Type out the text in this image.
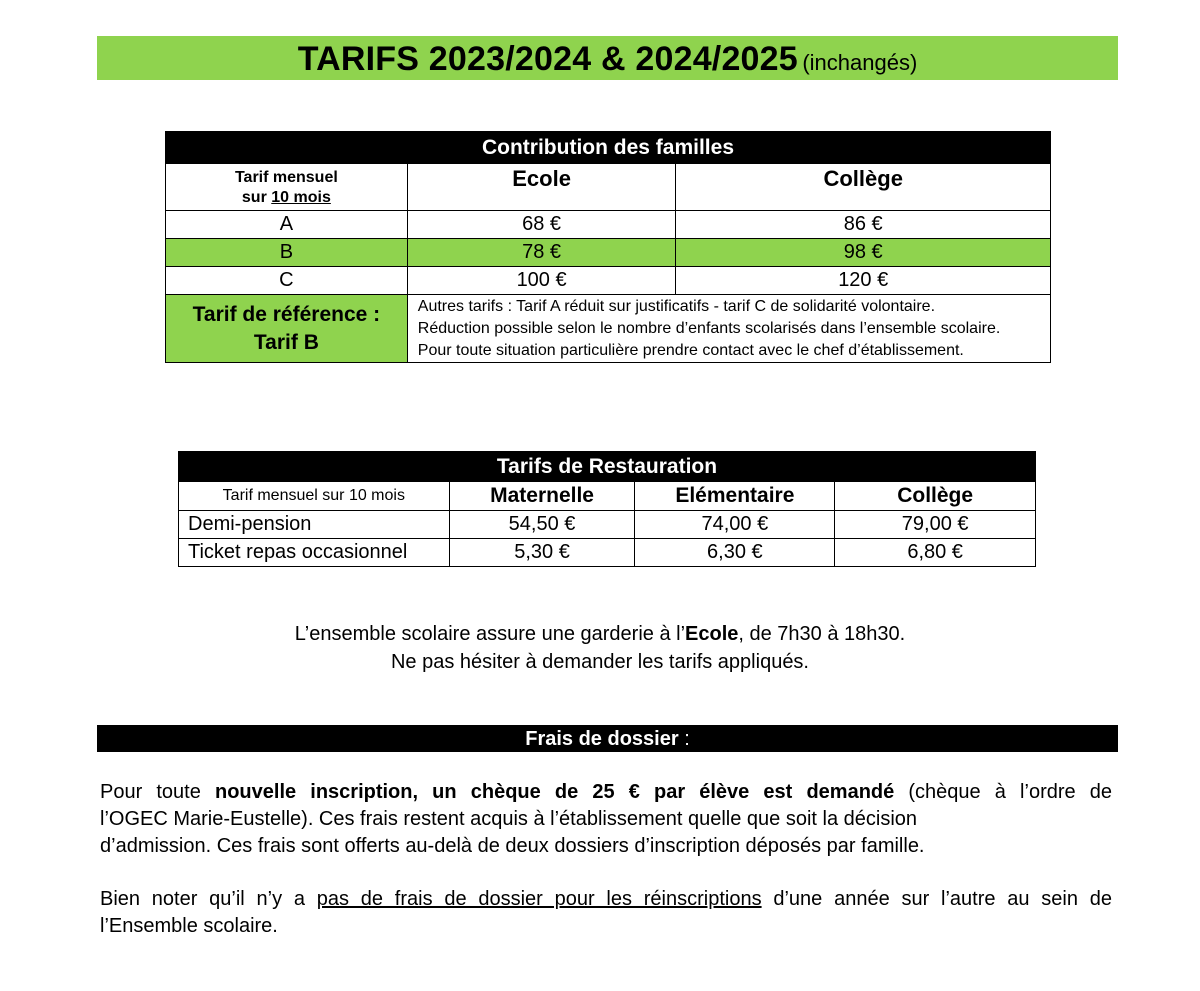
TARIFS 2023/2024 & 2024/2025 (inchangés)
Contribution des familles		
Tarif mensuel
sur 10 mois	Ecole	Collège
A	68 €	86 €
B	78 €	98 €
C	100 €	120 €
Tarif de référence :
Tarif B	Autres tarifs : Tarif A réduit sur justificatifs - tarif C de solidarité volontaire.
Réduction possible selon le nombre d’enfants scolarisés dans l’ensemble scolaire.
Pour toute situation particulière prendre contact avec le chef d’établissement.	
Tarifs de Restauration			
Tarif mensuel sur 10 mois	Maternelle	Elémentaire	Collège
Demi-pension	54,50 €	74,00 €	79,00 €
Ticket repas occasionnel	5,30 €	6,30 €	6,80 €
L’ensemble scolaire assure une garderie à l’Ecole, de 7h30 à 18h30.
Ne pas hésiter à demander les tarifs appliqués.
Frais de dossier :
Pour toute nouvelle inscription, un chèque de 25 € par élève est demandé (chèque à l’ordre de
l’OGEC Marie-Eustelle). Ces frais restent acquis à l’établissement quelle que soit la décision
d’admission. Ces frais sont offerts au-delà de deux dossiers d’inscription déposés par famille.
Bien noter qu’il n’y a pas de frais de dossier pour les réinscriptions d’une année sur l’autre au sein de
l’Ensemble scolaire.
